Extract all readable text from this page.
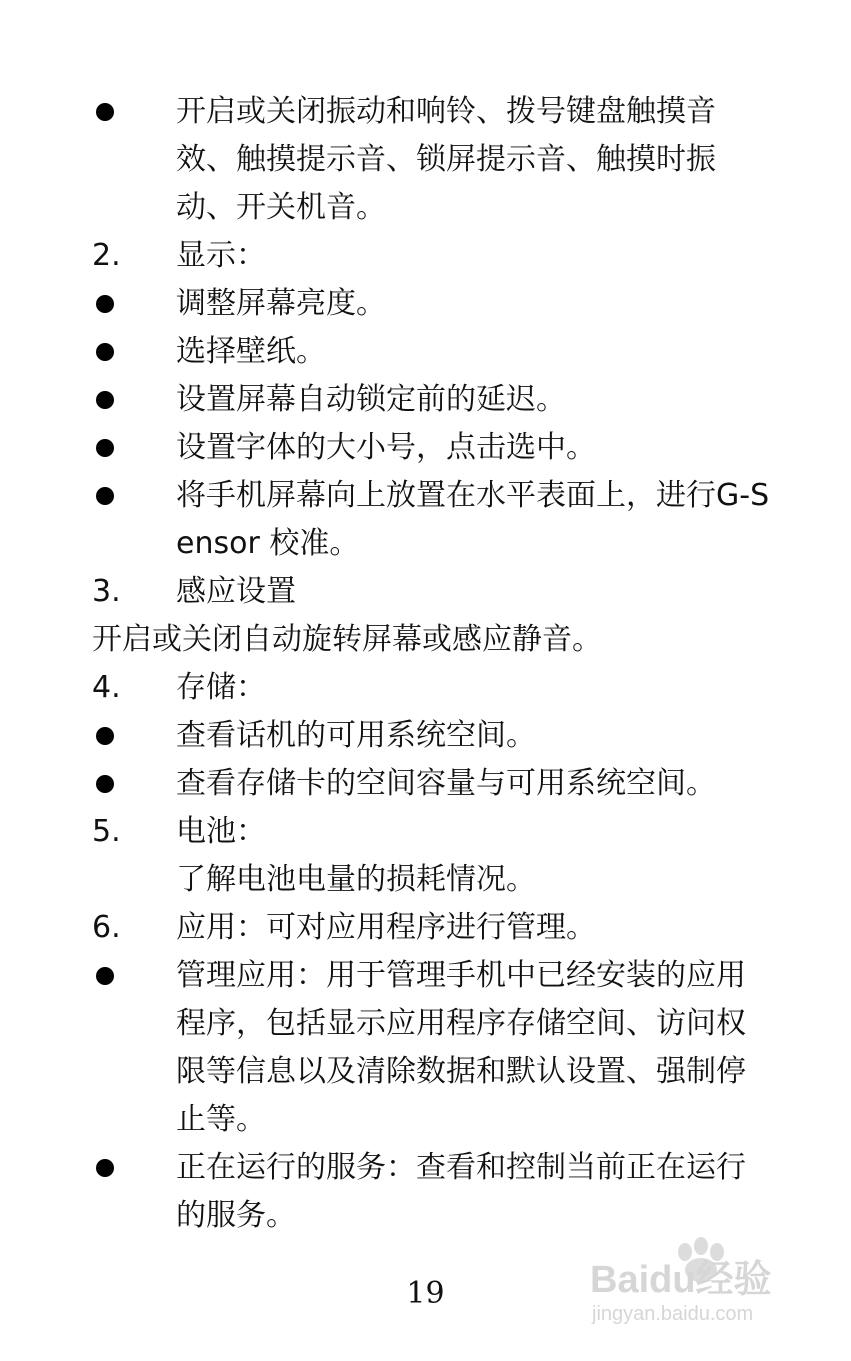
开启或关闭振动和响铃、拨号键盘触摸音效、触摸提示音、锁屏提示音、触摸时振动、开关机音。
2.	显示：
调整屏幕亮度。
选择壁纸。
设置屏幕自动锁定前的延迟。
设置字体的大小号，点击选中。
将手机屏幕向上放置在水平表面上，进行G-Sensor 校准。
3.	感应设置
开启或关闭自动旋转屏幕或感应静音。
4.	存储：
查看话机的可用系统空间。
查看存储卡的空间容量与可用系统空间。
5.	电池：
了解电池电量的损耗情况。
6.	应用：可对应用程序进行管理。
管理应用：用于管理手机中已经安装的应用程序，包括显示应用程序存储空间、访问权限等信息以及清除数据和默认设置、强制停止等。
正在运行的服务：查看和控制当前正在运行的服务。
19	Baidu经验
jingyan.baidu.com
